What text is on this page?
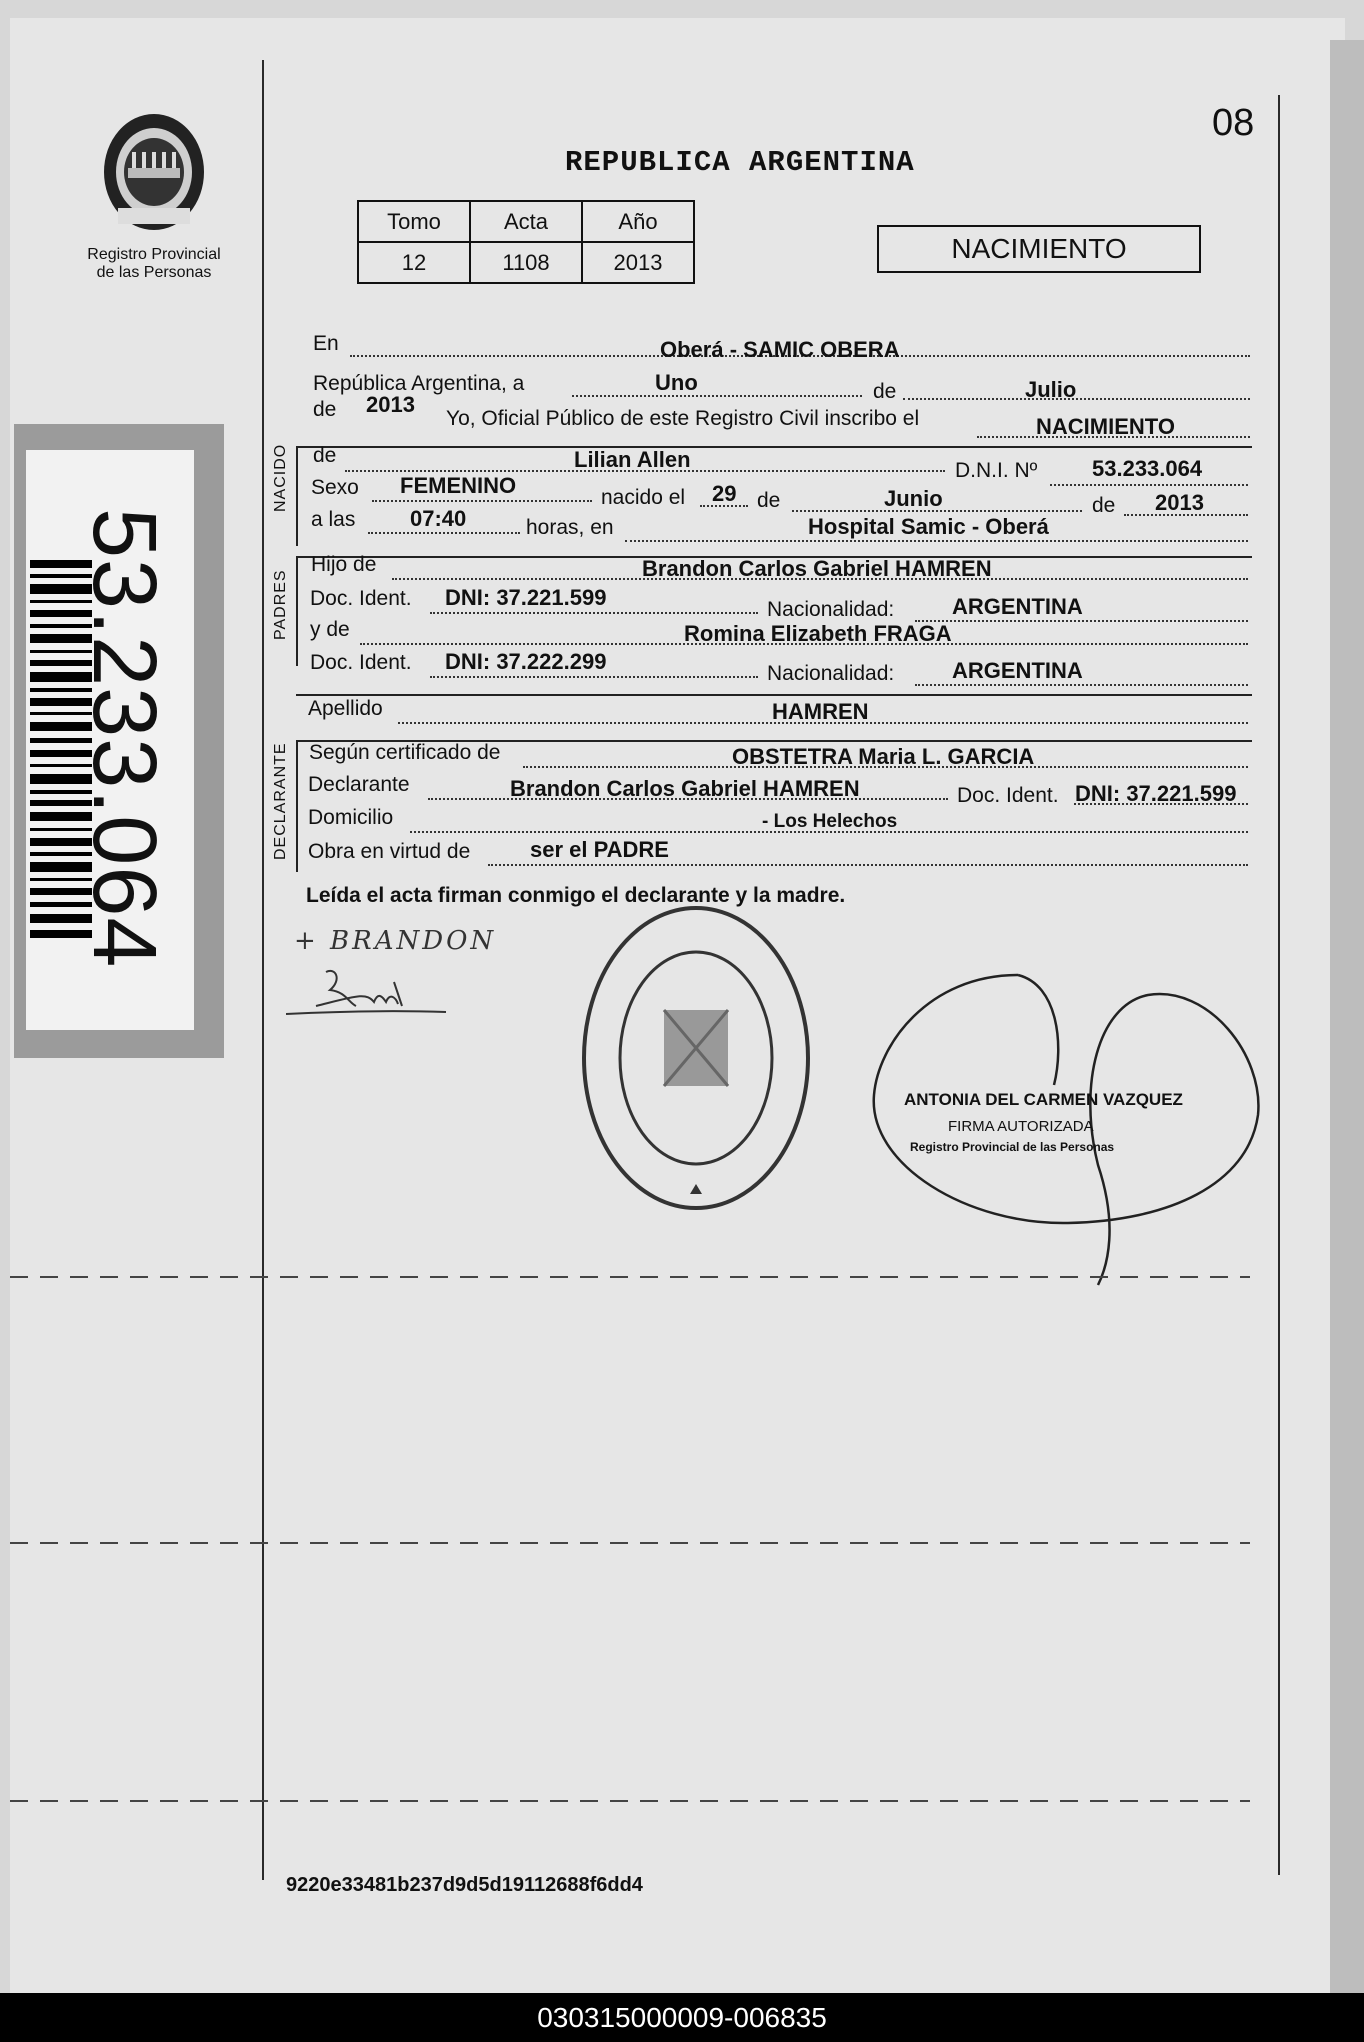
08
REPUBLICA ARGENTINA
Registro Provincial
de las Personas
Tomo	Acta	Año
12	1108	2013	NACIMIENTO
53.233.064
En	Oberá - SAMIC OBERA
República Argentina, a	Uno	de	Julio
de 2013
Yo, Oficial Público de este Registro Civil inscribo el	NACIMIENTO
NACIDO de	Lilian Allen	D.N.I. Nº 53.233.064
Sexo FEMENINO	nacido el 29 de	Junio	de 2013
a las 07:40	horas, en	Hospital Samic - Oberá
PADRES
Hijo de	Brandon Carlos Gabriel HAMREN
Doc. Ident. DNI: 37.221.599	Nacionalidad:	ARGENTINA
y de	Romina Elizabeth FRAGA
Doc. Ident. DNI: 37.222.299	Nacionalidad:	ARGENTINA
Apellido	HAMREN
DECLARANTE Según certificado de	OBSTETRA Maria L. GARCIA
Declarante	Brandon Carlos Gabriel HAMREN	Doc. Ident. DNI: 37.221.599
Domicilio	- Los Helechos
Obra en virtud de	ser el PADRE
Leída el acta firman conmigo el declarante y la madre.
+ BRANDON
ANTONIA DEL CARMEN VAZQUEZ
FIRMA AUTORIZADA
Registro Provincial de las Personas
9220e33481b237d9d5d19112688f6dd4
030315000009-006835
